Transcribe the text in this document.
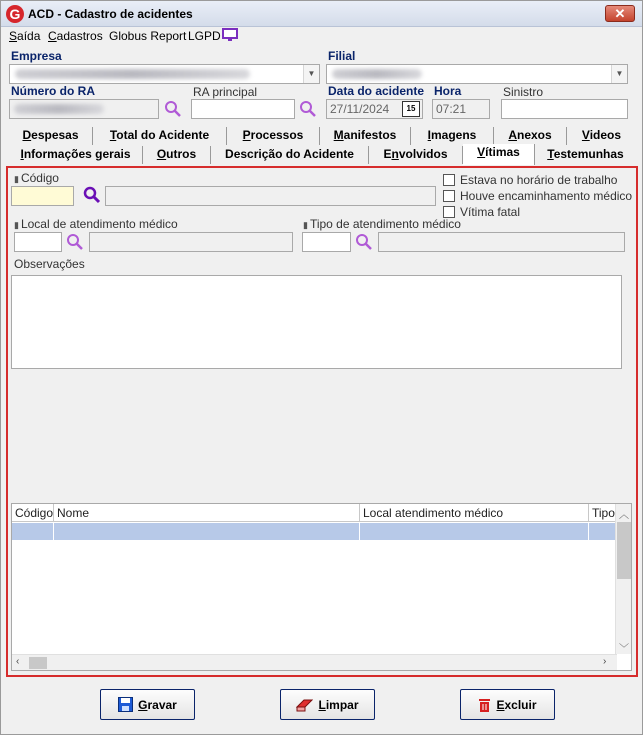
G ACD - Cadastro de acidentes	✕
Saída Cadastros Globus Report LGPD
Empresa
▼
Filial
▼
Número do RA	RA principal	Data do acidente
27/11/2024	15
Hora
07:21
Sinistro
Despesas	Total do Acidente	Processos	Manifestos	Imagens	Anexos	Videos
Informações gerais	Outros	Descrição do Acidente	Envolvidos	Vítimas	Testemunhas
▮ Código	Estava no horário de trabalho
Houve encaminhamento médico
Vítima fatal
▮ Local de atendimento médico	▮ Tipo de atendimento médico
Observações
Código Nome	Local atendimento médico	Tipo ︿
﹀
‹	›
Gravar	Limpar	Excluir
